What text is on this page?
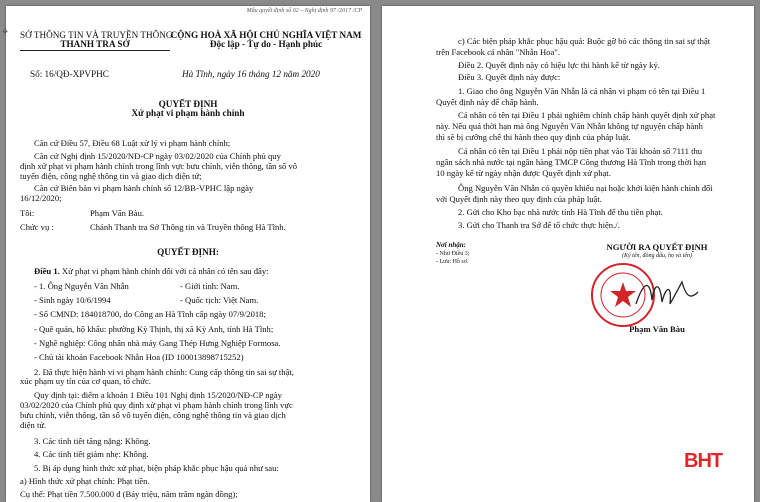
Mẫu quyết định số 02 – Nghị định 97 /2017 /CP
⌖ SỞ THÔNG TIN VÀ TRUYỀN THÔNG
THANH TRA SỞ
CỘNG HOÀ XÃ HỘI CHỦ NGHĨA VIỆT NAM
Độc lập - Tự do - Hạnh phúc
Số: 16/QĐ-XPVPHC	Hà Tĩnh, ngày 16 tháng 12 năm 2020
QUYẾT ĐỊNH
Xử phạt vi phạm hành chính
Căn cứ Điều 57, Điều 68 Luật xử lý vi phạm hành chính;
Căn cứ Nghị định 15/2020/NĐ-CP ngày 03/02/2020 của Chính phủ quy
định xử phạt vi phạm hành chính trong lĩnh vực bưu chính, viễn thông, tần số vô
tuyến điện, công nghệ thông tin và giao dịch điện tử;
Căn cứ Biên bản vi phạm hành chính số 12/BB-VPHC lập ngày
16/12/2020;
Tôi:	Phạm Văn Bàu.
Chức vụ :	Chánh Thanh tra Sở Thông tin và Truyền thông Hà Tĩnh.
QUYẾT ĐỊNH:
Điều 1. Xử phạt vi phạm hành chính đối với cá nhân có tên sau đây:
- 1. Ông Nguyễn Văn Nhẫn	- Giới tính: Nam.
- Sinh ngày 10/6/1994	- Quốc tịch: Việt Nam.
- Số CMND: 184018700, do Công an Hà Tĩnh cấp ngày 07/9/2018;
- Quê quán, hộ khẩu: phường Kỳ Thịnh, thị xã Kỳ Anh, tỉnh Hà Tĩnh;
- Nghề nghiệp: Công nhân nhà máy Gang Thép Hưng Nghiệp Formosa.
- Chủ tài khoản Facebook Nhẫn Hoa (ID 100013898715252)
2. Đã thực hiện hành vi vi phạm hành chính: Cung cấp thông tin sai sự thật,
xúc phạm uy tín của cơ quan, tổ chức.
Quy định tại: điểm a khoản 1 Điều 101 Nghị định 15/2020/NĐ-CP ngày
03/02/2020 của Chính phủ quy định xử phạt vi phạm hành chính trong lĩnh vực
bưu chính, viễn thông, tần số vô tuyến điện, công nghệ thông tin và giao dịch
điện tử.
3. Các tình tiết tăng nặng: Không.
4. Các tình tiết giảm nhẹ: Không.
5. Bị áp dụng hình thức xử phạt, biện pháp khắc phục hậu quả như sau:
a) Hình thức xử phạt chính: Phạt tiền.
Cụ thể: Phạt tiền 7.500.000 đ (Bảy triệu, năm trăm ngàn đồng);
c) Các biện pháp khắc phục hậu quả: Buộc gỡ bỏ các thông tin sai sự thật
trên Facebook cá nhân "Nhẫn Hoa".
Điều 2. Quyết định này có hiệu lực thi hành kể từ ngày ký.
Điều 3. Quyết định này được:
1. Giao cho ông Nguyễn Văn Nhẫn là cá nhân vi phạm có tên tại Điều 1
Quyết định này để chấp hành.
Cá nhân có tên tại Điều 1 phải nghiêm chỉnh chấp hành quyết định xử phạt
này. Nếu quá thời hạn mà ông Nguyễn Văn Nhẫn không tự nguyện chấp hành
thì sẽ bị cưỡng chế thi hành theo quy định của pháp luật.
Cá nhân có tên tại Điều 1 phải nộp tiền phạt vào Tài khoản số 7111 thu
ngân sách nhà nước tại ngân hàng TMCP Công thương Hà Tĩnh trong thời hạn
10 ngày kể từ ngày nhận được Quyết định xử phạt.
Ông Nguyễn Văn Nhẫn có quyền khiếu nại hoặc khởi kiện hành chính đối
với Quyết định này theo quy định của pháp luật.
2. Gửi cho Kho bạc nhà nước tỉnh Hà Tĩnh để thu tiền phạt.
3. Gửi cho Thanh tra Sở để tổ chức thực hiện./.
Nơi nhận:
- Như Điều 3;
- Lưu: Hồ sơ.
NGƯỜI RA QUYẾT ĐỊNH
(Ký tên, đóng dấu, họ và tên)
Phạm Văn Bàu
BHT
